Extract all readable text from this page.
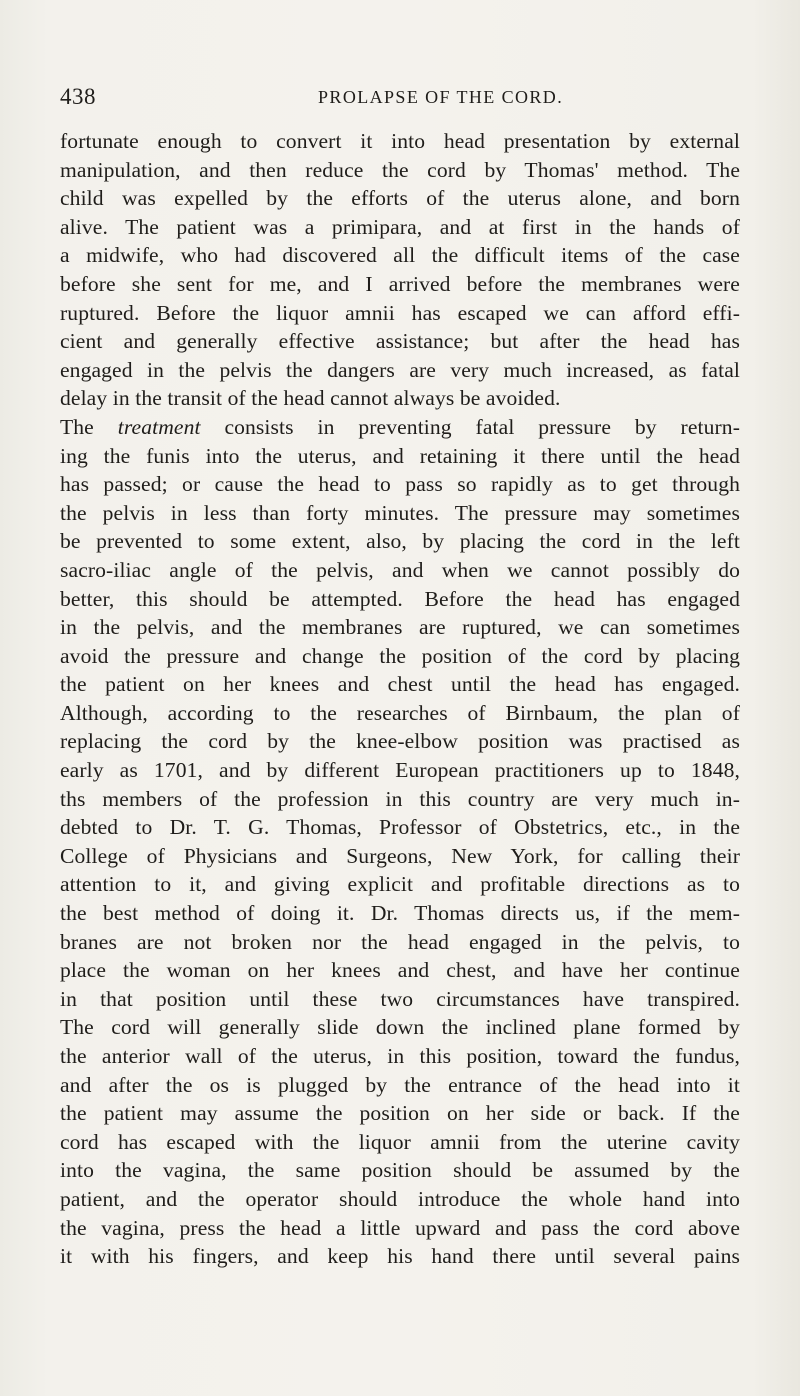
438	PROLAPSE OF THE CORD.
fortunate enough to convert it into head presentation by external
manipulation, and then reduce the cord by Thomas' method. The
child was expelled by the efforts of the uterus alone, and born
alive. The patient was a primipara, and at first in the hands of
a midwife, who had discovered all the difficult items of the case
before she sent for me, and I arrived before the membranes were
ruptured. Before the liquor amnii has escaped we can afford effi-
cient and generally effective assistance; but after the head has
engaged in the pelvis the dangers are very much increased, as fatal
delay in the transit of the head cannot always be avoided.
The treatment consists in preventing fatal pressure by return-
ing the funis into the uterus, and retaining it there until the head
has passed; or cause the head to pass so rapidly as to get through
the pelvis in less than forty minutes. The pressure may sometimes
be prevented to some extent, also, by placing the cord in the left
sacro-iliac angle of the pelvis, and when we cannot possibly do
better, this should be attempted. Before the head has engaged
in the pelvis, and the membranes are ruptured, we can sometimes
avoid the pressure and change the position of the cord by placing
the patient on her knees and chest until the head has engaged.
Although, according to the researches of Birnbaum, the plan of
replacing the cord by the knee-elbow position was practised as
early as 1701, and by different European practitioners up to 1848,
ths members of the profession in this country are very much in-
debted to Dr. T. G. Thomas, Professor of Obstetrics, etc., in the
College of Physicians and Surgeons, New York, for calling their
attention to it, and giving explicit and profitable directions as to
the best method of doing it. Dr. Thomas directs us, if the mem-
branes are not broken nor the head engaged in the pelvis, to
place the woman on her knees and chest, and have her continue
in that position until these two circumstances have transpired.
The cord will generally slide down the inclined plane formed by
the anterior wall of the uterus, in this position, toward the fundus,
and after the os is plugged by the entrance of the head into it
the patient may assume the position on her side or back. If the
cord has escaped with the liquor amnii from the uterine cavity
into the vagina, the same position should be assumed by the
patient, and the operator should introduce the whole hand into
the vagina, press the head a little upward and pass the cord above
it with his fingers, and keep his hand there until several pains
